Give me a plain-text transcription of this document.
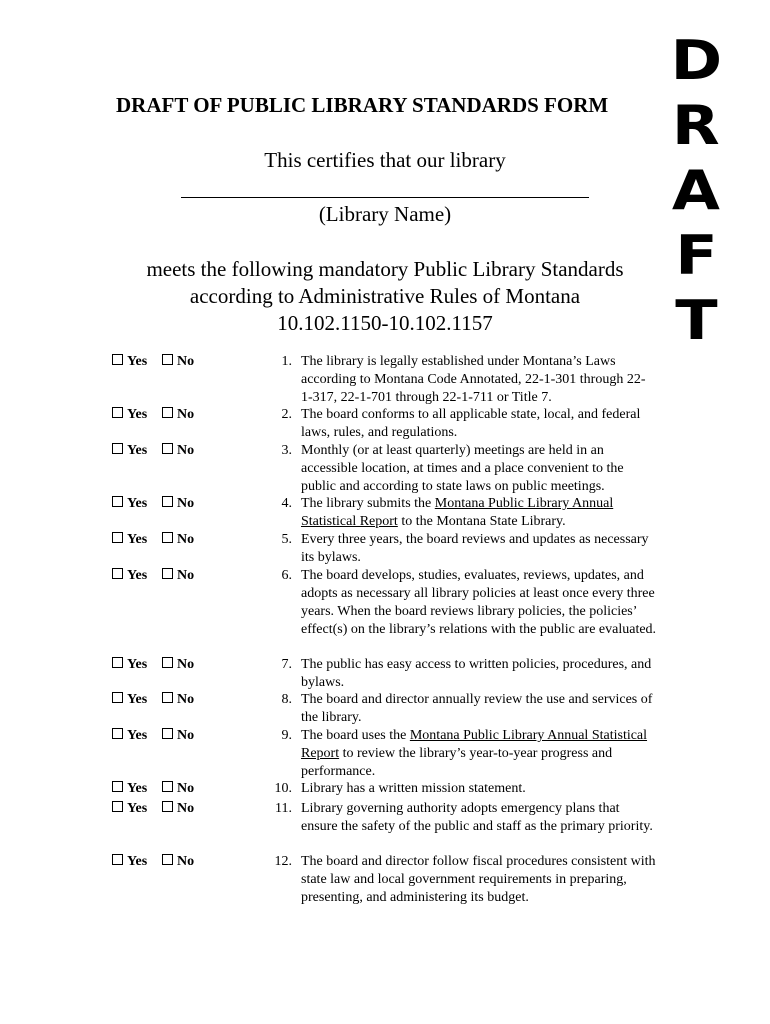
D
R
A
F
T
DRAFT OF PUBLIC LIBRARY STANDARDS FORM
This certifies that our library
(Library Name)
meets the following mandatory Public Library Standards
according to Administrative Rules of Montana
10.102.1150-10.102.1157
Yes No	1. The library is legally established under Montana’s Laws according to Montana Code Annotated, 22-1-301 through 22-1-317, 22-1-701 through 22-1-711 or Title 7.
Yes No	2. The board conforms to all applicable state, local, and federal laws, rules, and regulations.
Yes No	3. Monthly (or at least quarterly) meetings are held in an accessible location, at times and a place convenient to the public and according to state laws on public meetings.
Yes No	4. The library submits the Montana Public Library Annual Statistical Report to the Montana State Library.
Yes No	5. Every three years, the board reviews and updates as necessary its bylaws.
Yes No	6. The board develops, studies, evaluates, reviews, updates, and adopts as necessary all library policies at least once every three years. When the board reviews library policies, the policies’ effect(s) on the library’s relations with the public are evaluated.
Yes No	7. The public has easy access to written policies, procedures, and bylaws.
Yes No	8. The board and director annually review the use and services of the library.
Yes No	9. The board uses the Montana Public Library Annual Statistical Report to review the library’s year-to-year progress and performance.
Yes No	10. Library has a written mission statement.
Yes No	11. Library governing authority adopts emergency plans that ensure the safety of the public and staff as the primary priority.
Yes No	12. The board and director follow fiscal procedures consistent with state law and local government requirements in preparing, presenting, and administering its budget.
